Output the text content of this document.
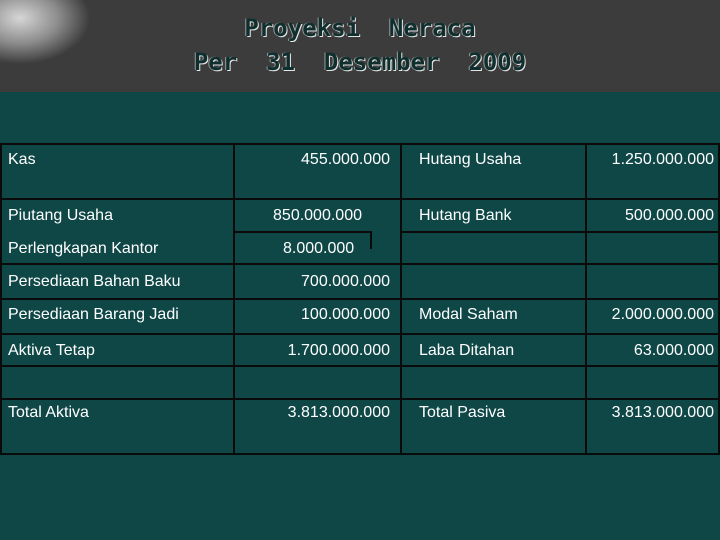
Proyeksi  Neraca
Per  31  Desember  2009
Kas
Piutang Usaha
Perlengkapan Kantor
Persediaan Bahan Baku
Persediaan Barang Jadi
Aktiva Tetap
Total Aktiva
455.000.000
850.000.000
8.000.000
700.000.000
100.000.000
1.700.000.000
3.813.000.000
Hutang Usaha
Hutang Bank
Modal Saham
Laba Ditahan
Total Pasiva
1.250.000.000
500.000.000
2.000.000.000
63.000.000
3.813.000.000
